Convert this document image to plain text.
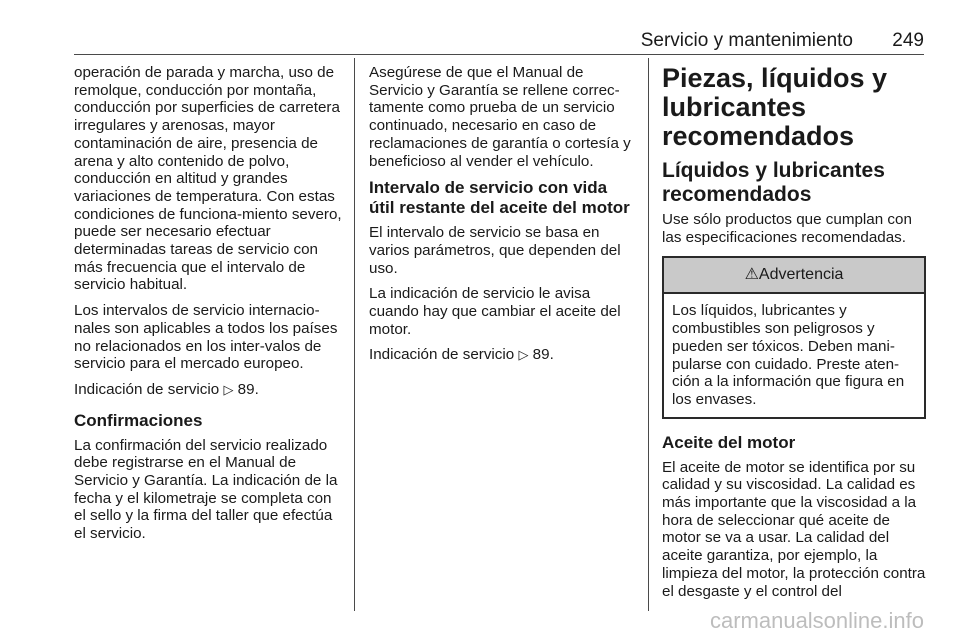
Servicio y mantenimiento 249

operación de parada y marcha, uso de remolque, conducción por montaña, conducción por superficies de carretera irregulares y arenosas, mayor contaminación de aire, presencia de arena y alto contenido de polvo, conducción en altitud y grandes variaciones de temperatura. Con estas condiciones de funciona-miento severo, puede ser necesario efectuar determinadas tareas de servicio con más frecuencia que el intervalo de servicio habitual.

Los intervalos de servicio internacio-nales son aplicables a todos los países no relacionados en los inter-valos de servicio para el mercado europeo.

Indicación de servicio ▷ 89.

Confirmaciones

La confirmación del servicio realizado debe registrarse en el Manual de Servicio y Garantía. La indicación de la fecha y el kilometraje se completa con el sello y la firma del taller que efectúa el servicio.

Asegúrese de que el Manual de Servicio y Garantía se rellene correc-tamente como prueba de un servicio continuado, necesario en caso de reclamaciones de garantía o cortesía y beneficioso al vender el vehículo.

Intervalo de servicio con vida útil restante del aceite del motor

El intervalo de servicio se basa en varios parámetros, que dependen del uso.

La indicación de servicio le avisa cuando hay que cambiar el aceite del motor.

Indicación de servicio ▷ 89.

Piezas, líquidos y lubricantes recomendados
Líquidos y lubricantes recomendados

Use sólo productos que cumplan con las especificaciones recomendadas.

⚠Advertencia
Los líquidos, lubricantes y combustibles son peligrosos y pueden ser tóxicos. Deben mani-pularse con cuidado. Preste aten-ción a la información que figura en los envases.
Aceite del motor

El aceite de motor se identifica por su calidad y su viscosidad. La calidad es más importante que la viscosidad a la hora de seleccionar qué aceite de motor se va a usar. La calidad del aceite garantiza, por ejemplo, la limpieza del motor, la protección contra el desgaste y el control del

carmanualsonline.info
